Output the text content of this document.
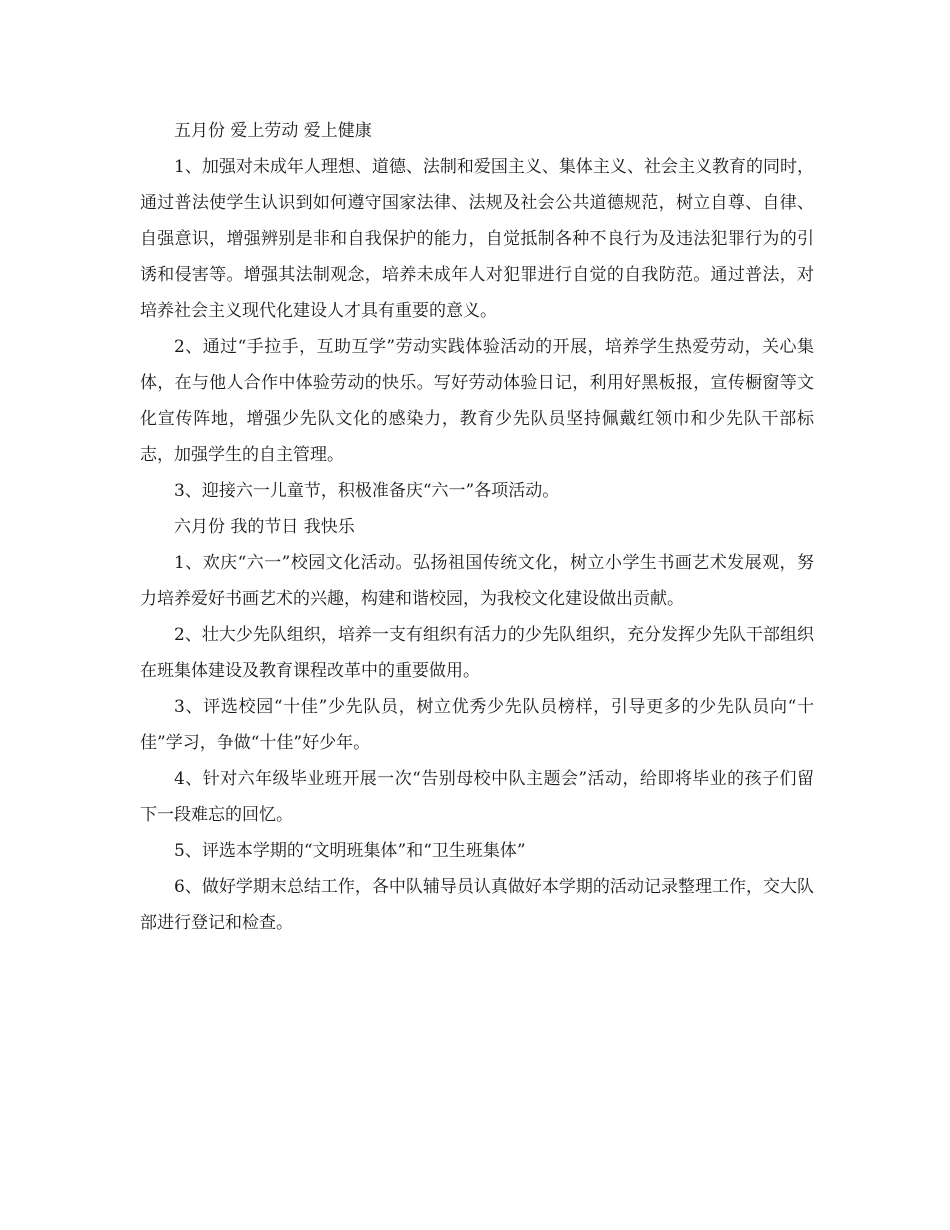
五月份 爱上劳动 爱上健康

1、加强对未成年人理想、道德、法制和爱国主义、集体主义、社会主义教育的同时，通过普法使学生认识到如何遵守国家法律、法规及社会公共道德规范，树立自尊、自律、自强意识，增强辨别是非和自我保护的能力，自觉抵制各种不良行为及违法犯罪行为的引诱和侵害等。增强其法制观念，培养未成年人对犯罪进行自觉的自我防范。通过普法，对培养社会主义现代化建设人才具有重要的意义。

2、通过“手拉手，互助互学”劳动实践体验活动的开展，培养学生热爱劳动，关心集体，在与他人合作中体验劳动的快乐。写好劳动体验日记，利用好黑板报，宣传橱窗等文化宣传阵地，增强少先队文化的感染力，教育少先队员坚持佩戴红领巾和少先队干部标志，加强学生的自主管理。

3、迎接六一儿童节，积极准备庆“六一”各项活动。

六月份 我的节日 我快乐

1、欢庆“六一”校园文化活动。弘扬祖国传统文化，树立小学生书画艺术发展观，努力培养爱好书画艺术的兴趣，构建和谐校园，为我校文化建设做出贡献。

2、壮大少先队组织，培养一支有组织有活力的少先队组织，充分发挥少先队干部组织在班集体建设及教育课程改革中的重要做用。

3、评选校园“十佳”少先队员，树立优秀少先队员榜样，引导更多的少先队员向“十佳”学习，争做“十佳”好少年。

4、针对六年级毕业班开展一次“告别母校中队主题会”活动，给即将毕业的孩子们留下一段难忘的回忆。

5、评选本学期的“文明班集体”和“卫生班集体”

6、做好学期末总结工作，各中队辅导员认真做好本学期的活动记录整理工作，交大队部进行登记和检查。
